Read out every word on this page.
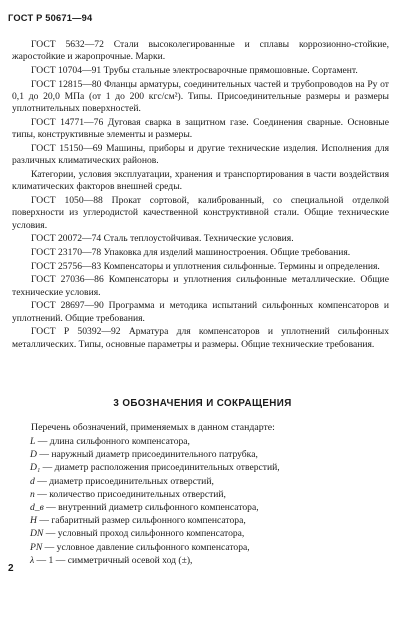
ГОСТ Р 50671—94

ГОСТ 5632—72 Стали высоколегированные и сплавы коррозионно-стойкие, жаростойкие и жаропрочные. Марки.

ГОСТ 10704—91 Трубы стальные электросварочные прямошовные. Сортамент.

ГОСТ 12815—80 Фланцы арматуры, соединительных частей и трубопроводов на Ру от 0,1 до 20,0 МПа (от 1 до 200 кгс/см²). Типы. Присоединительные размеры и размеры уплотнительных поверхностей.

ГОСТ 14771—76 Дуговая сварка в защитном газе. Соединения сварные. Основные типы, конструктивные элементы и размеры.

ГОСТ 15150—69 Машины, приборы и другие технические изделия. Исполнения для различных климатических районов.

Категории, условия эксплуатации, хранения и транспортирования в части воздействия климатических факторов внешней среды.

ГОСТ 1050—88 Прокат сортовой, калиброванный, со специальной отделкой поверхности из углеродистой качественной конструктивной стали. Общие технические условия.

ГОСТ 20072—74 Сталь теплоустойчивая. Технические условия.

ГОСТ 23170—78 Упаковка для изделий машиностроения. Общие требования.

ГОСТ 25756—83 Компенсаторы и уплотнения сильфонные. Термины и определения.

ГОСТ 27036—86 Компенсаторы и уплотнения сильфонные металлические. Общие технические условия.

ГОСТ 28697—90 Программа и методика испытаний сильфонных компенсаторов и уплотнений. Общие требования.

ГОСТ Р 50392—92 Арматура для компенсаторов и уплотнений сильфонных металлических. Типы, основные параметры и размеры. Общие технические требования.

3 ОБОЗНАЧЕНИЯ И СОКРАЩЕНИЯ
Перечень обозначений, применяемых в данном стандарте:
L — длина сильфонного компенсатора,
D — наружный диаметр присоединительного патрубка,
D₁ — диаметр расположения присоединительных отверстий,
d — диаметр присоединительных отверстий,
n — количество присоединительных отверстий,
d_в — внутренний диаметр сильфонного компенсатора,
H — габаритный размер сильфонного компенсатора,
DN — условный проход сильфонного компенсатора,
PN — условное давление сильфонного компенсатора,
λ — 1 — симметричный осевой ход (±),
2
